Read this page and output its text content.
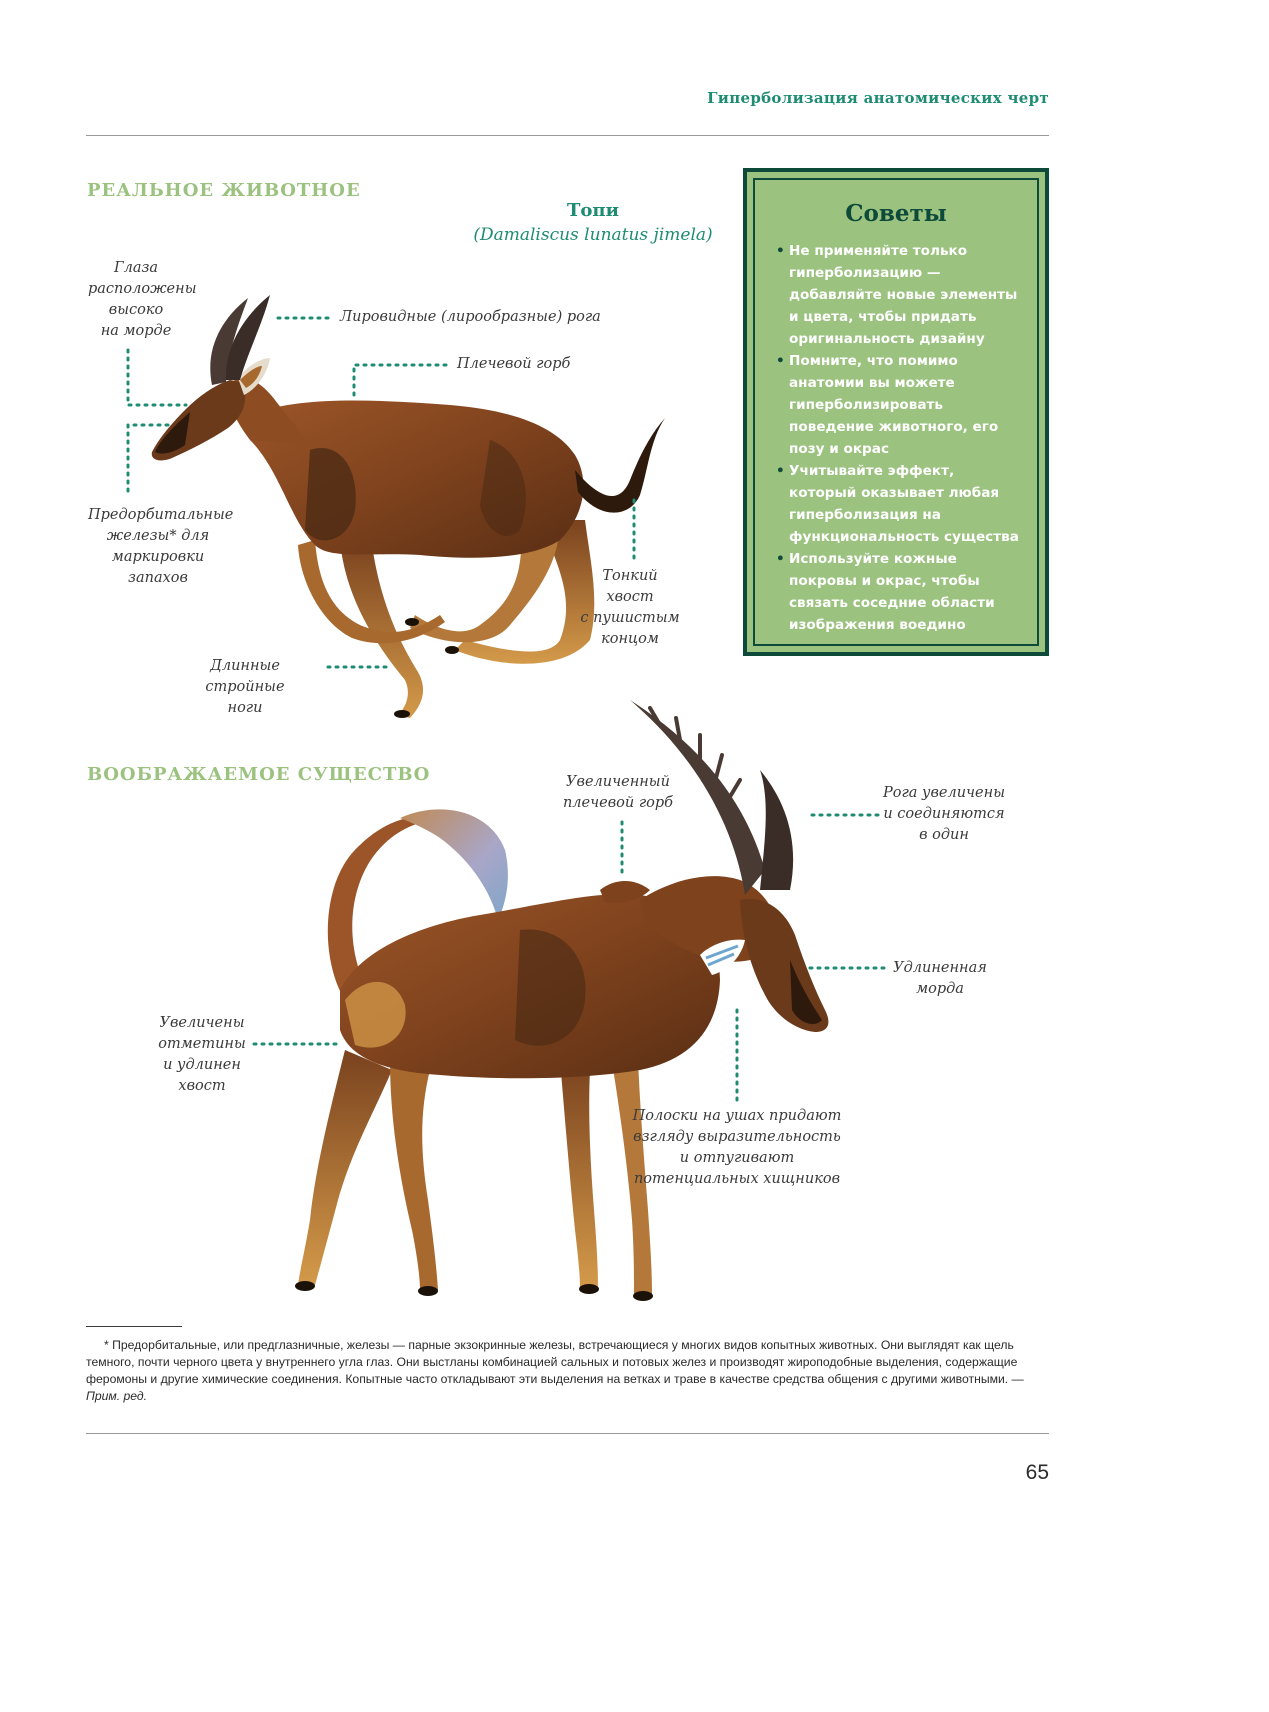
Гиперболизация анатомических черт
РЕАЛЬНОЕ ЖИВОТНОЕ
Топи
(Damaliscus lunatus jimela)
Глаза
расположены
высоко
на морде
Лировидные (лирообразные) рога
Плечевой горб
Предорбитальные
железы* для
маркировки
запахов	Тонкий
хвост
с пушистым
концом
Длинные стройные
ноги
Советы
• Не применяйте только гиперболизацию — добавляйте новые элементы и цвета, чтобы придать оригинальность дизайну
• Помните, что помимо анатомии вы можете гиперболизировать поведение животного, его позу и окрас
• Учитывайте эффект, который оказывает любая гиперболизация на функциональность существа
• Используйте кожные покровы и окрас, чтобы связать соседние области изображения воедино
ВООБРАЖАЕМОЕ СУЩЕСТВО	Увеличенный
плечевой горб
Рога увеличены
и соединяются
в один
Удлиненная
морда
Увеличены
отметины
и удлинен
хвост
Полоски на ушах придают
взгляду выразительность
и отпугивают
потенциальных хищников
* Предорбитальные, или предглазничные, железы — парные экзокринные железы, встречающиеся у многих видов копытных животных. Они выглядят как щель темного, почти черного цвета у внутреннего угла глаз. Они выстланы комбинацией сальных и потовых желез и производят жироподобные выделения, содержащие феромоны и другие химические соединения. Копытные часто откладывают эти выделения на ветках и траве в качестве средства общения с другими животными. — Прим. ред.
65
